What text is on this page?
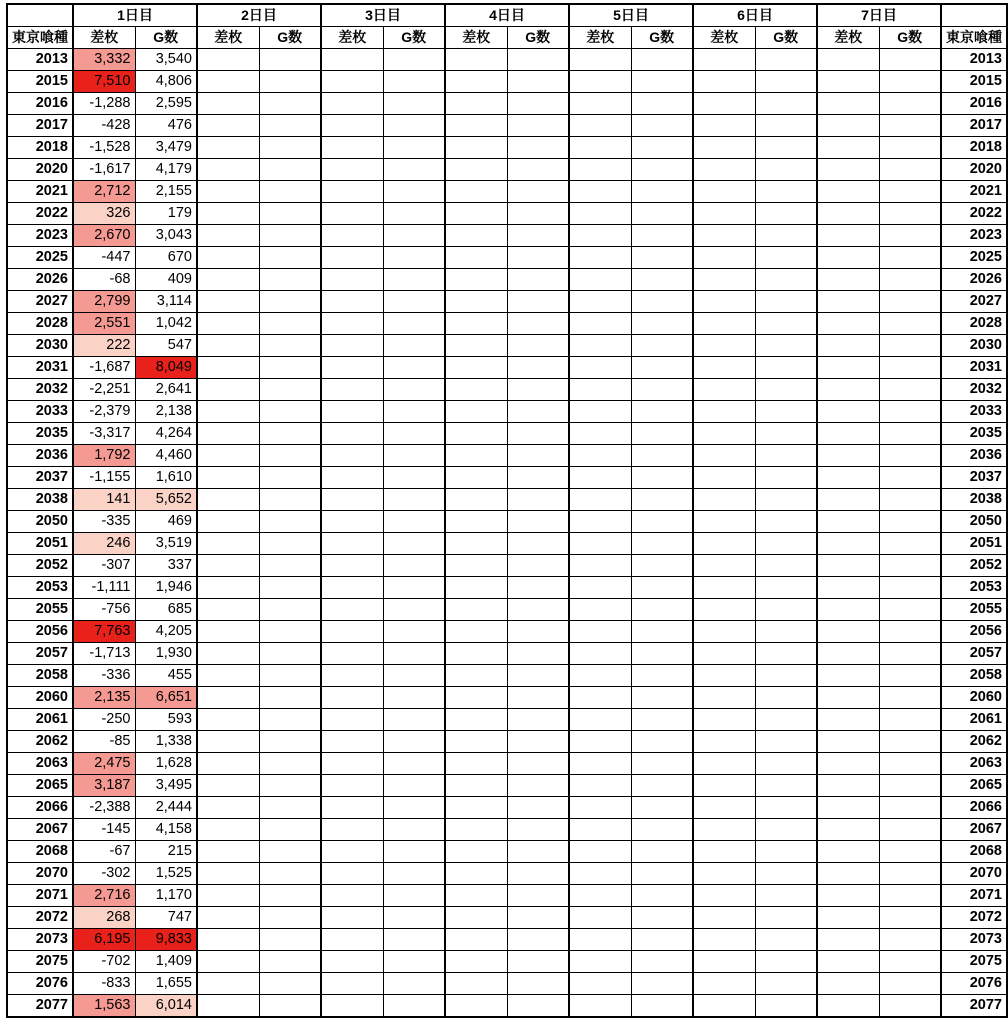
	1日目		2日目		3日目		4日目		5日目		6日目		7日目		
東京喰種	差枚	G数	差枚	G数	差枚	G数	差枚	G数	差枚	G数	差枚	G数	差枚	G数	東京喰種
2013	3,332	3,540													2013
2015	7,510	4,806													2015
2016	-1,288	2,595													2016
2017	-428	476													2017
2018	-1,528	3,479													2018
2020	-1,617	4,179													2020
2021	2,712	2,155													2021
2022	326	179													2022
2023	2,670	3,043													2023
2025	-447	670													2025
2026	-68	409													2026
2027	2,799	3,114													2027
2028	2,551	1,042													2028
2030	222	547													2030
2031	-1,687	8,049													2031
2032	-2,251	2,641													2032
2033	-2,379	2,138													2033
2035	-3,317	4,264													2035
2036	1,792	4,460													2036
2037	-1,155	1,610													2037
2038	141	5,652													2038
2050	-335	469													2050
2051	246	3,519													2051
2052	-307	337													2052
2053	-1,111	1,946													2053
2055	-756	685													2055
2056	7,763	4,205													2056
2057	-1,713	1,930													2057
2058	-336	455													2058
2060	2,135	6,651													2060
2061	-250	593													2061
2062	-85	1,338													2062
2063	2,475	1,628													2063
2065	3,187	3,495													2065
2066	-2,388	2,444													2066
2067	-145	4,158													2067
2068	-67	215													2068
2070	-302	1,525													2070
2071	2,716	1,170													2071
2072	268	747													2072
2073	6,195	9,833													2073
2075	-702	1,409													2075
2076	-833	1,655													2076
2077	1,563	6,014													2077
